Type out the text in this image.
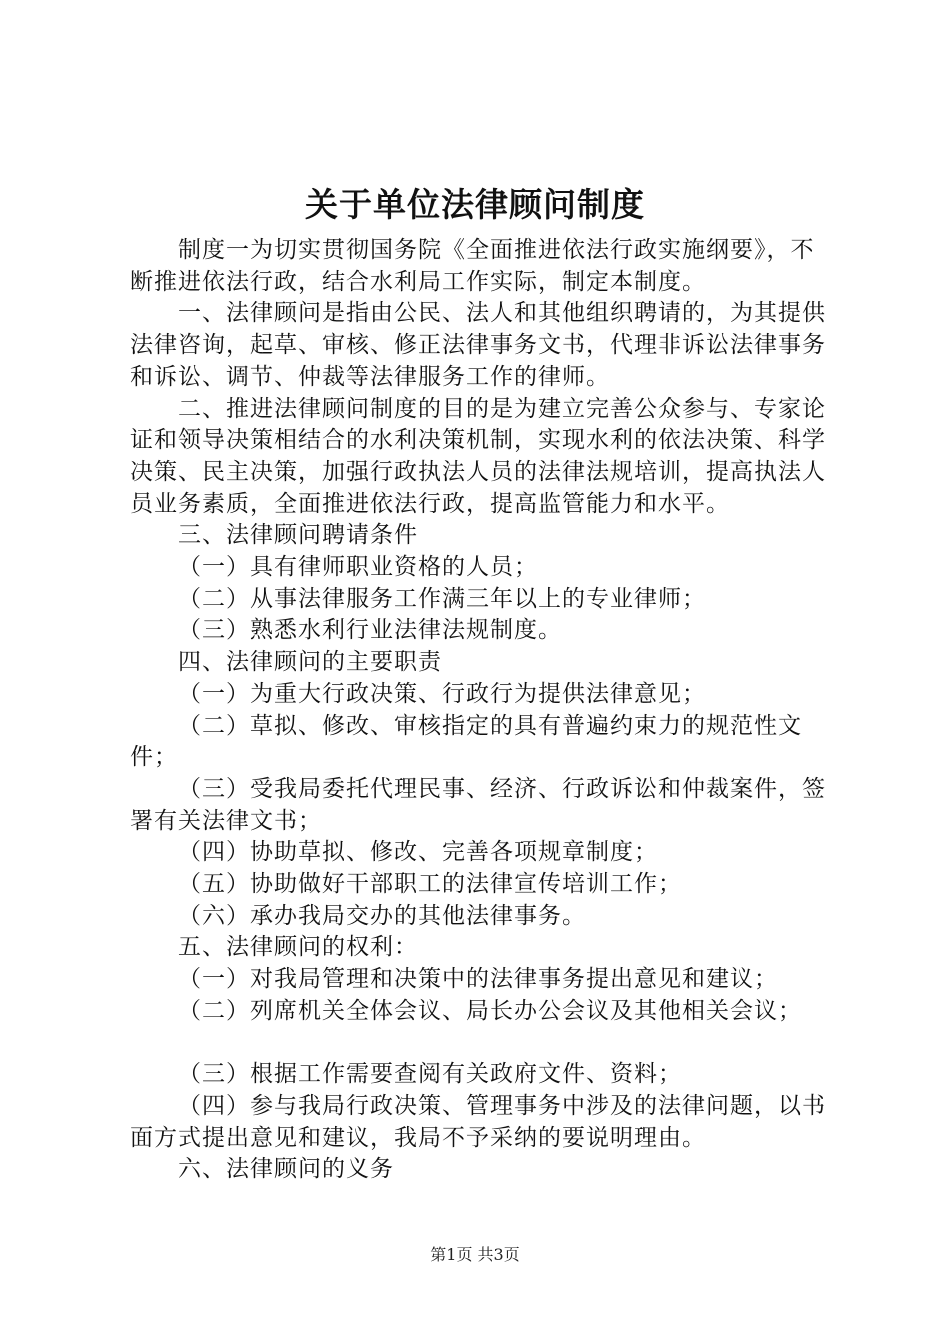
关于单位法律顾问制度

制度一为切实贯彻国务院《全面推进依法行政实施纲要》，不断推进依法行政，结合水利局工作实际，制定本制度。

一、法律顾问是指由公民、法人和其他组织聘请的，为其提供法律咨询，起草、审核、修正法律事务文书，代理非诉讼法律事务和诉讼、调节、仲裁等法律服务工作的律师。

二、推进法律顾问制度的目的是为建立完善公众参与、专家论证和领导决策相结合的水利决策机制，实现水利的依法决策、科学决策、民主决策，加强行政执法人员的法律法规培训，提高执法人员业务素质，全面推进依法行政，提高监管能力和水平。

三、法律顾问聘请条件

（一）具有律师职业资格的人员；

（二）从事法律服务工作满三年以上的专业律师；

（三）熟悉水利行业法律法规制度。

四、法律顾问的主要职责

（一）为重大行政决策、行政行为提供法律意见；

（二）草拟、修改、审核指定的具有普遍约束力的规范性文件；

（三）受我局委托代理民事、经济、行政诉讼和仲裁案件，签署有关法律文书；

（四）协助草拟、修改、完善各项规章制度；

（五）协助做好干部职工的法律宣传培训工作；

（六）承办我局交办的其他法律事务。

五、法律顾问的权利：

（一）对我局管理和决策中的法律事务提出意见和建议；

（二）列席机关全体会议、局长办公会议及其他相关会议；

（三）根据工作需要查阅有关政府文件、资料；

（四）参与我局行政决策、管理事务中涉及的法律问题，以书面方式提出意见和建议，我局不予采纳的要说明理由。

六、法律顾问的义务

第1页 共3页
